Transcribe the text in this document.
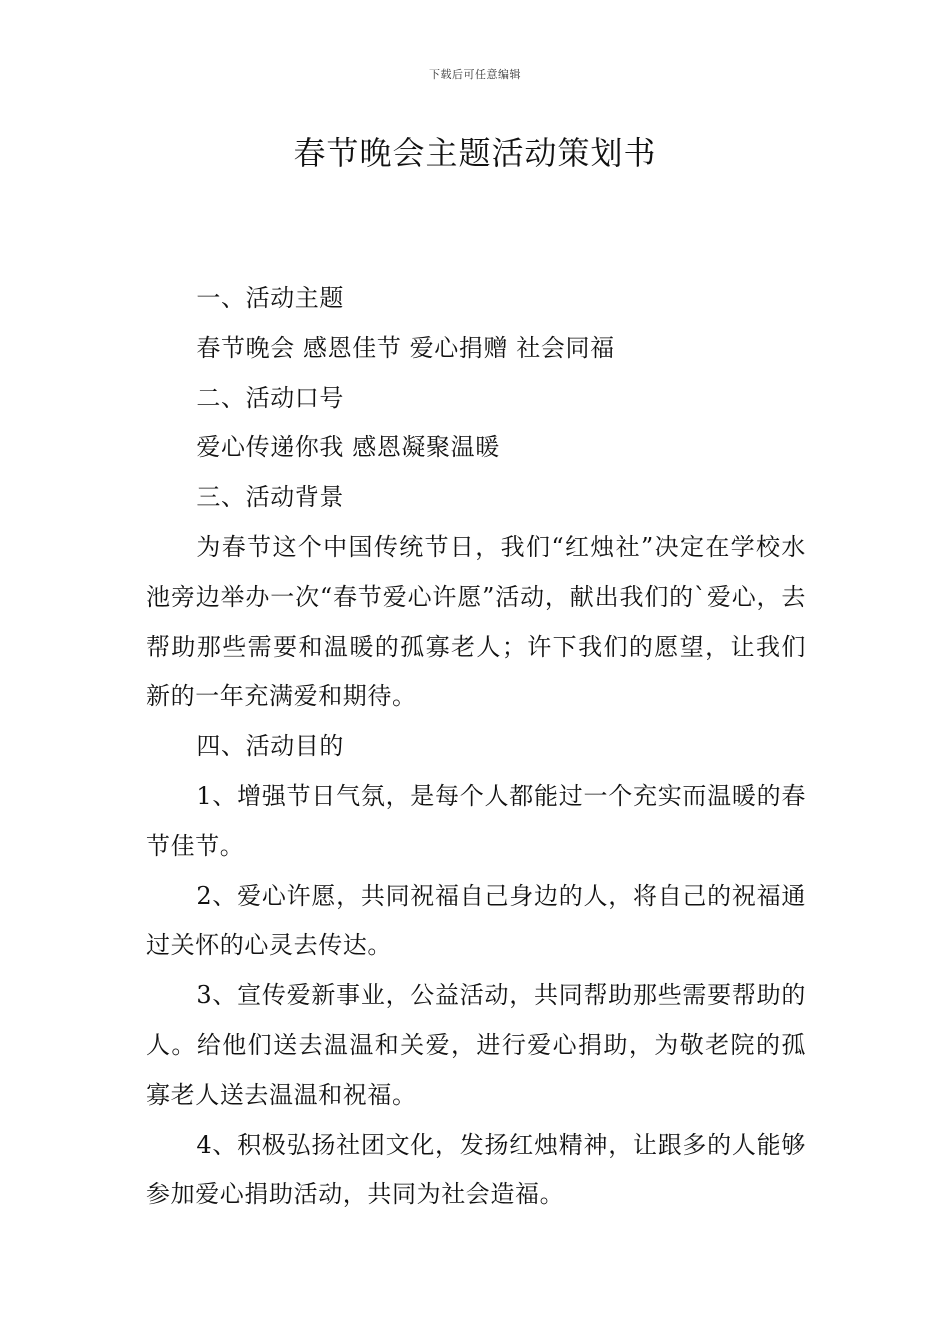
下载后可任意编辑
春节晚会主题活动策划书

一、活动主题

春节晚会 感恩佳节 爱心捐赠 社会同福

二、活动口号

爱心传递你我 感恩凝聚温暖

三、活动背景

为春节这个中国传统节日，我们“红烛社”决定在学校水池旁边举办一次“春节爱心许愿”活动，献出我们的`爱心，去帮助那些需要和温暖的孤寡老人；许下我们的愿望，让我们新的一年充满爱和期待。

四、活动目的

1、增强节日气氛，是每个人都能过一个充实而温暖的春节佳节。

2、爱心许愿，共同祝福自己身边的人，将自己的祝福通过关怀的心灵去传达。

3、宣传爱新事业，公益活动，共同帮助那些需要帮助的人。给他们送去温温和关爱，进行爱心捐助，为敬老院的孤寡老人送去温温和祝福。

4、积极弘扬社团文化，发扬红烛精神，让跟多的人能够参加爱心捐助活动，共同为社会造福。
